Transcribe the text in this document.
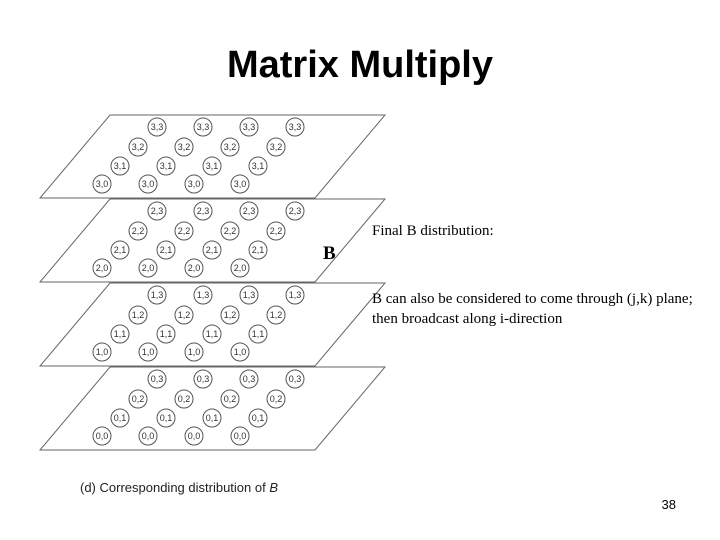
Matrix Multiply
3,3	3,3	3,3	3,3
3,2	3,2	3,2	3,2
3,1	3,1	3,1	3,1
3,0	3,0	3,0	3,0
2,3	2,3	2,3	2,3
2,2	2,2	2,2	2,2
2,1	2,1	2,1	2,1
2,0	2,0	2,0	2,0
1,3	1,3	1,3	1,3
1,2	1,2	1,2	1,2
1,1	1,1	1,1	1,1
1,0	1,0	1,0	1,0
0,3	0,3	0,3	0,3
0,2	0,2	0,2	0,2
0,1	0,1	0,1	0,1
0,0	0,0	0,0	0,0
B
(d) Corresponding distribution of B
Final B distribution:
B can also be considered to come through (j,k) plane; then broadcast along i-direction
38
